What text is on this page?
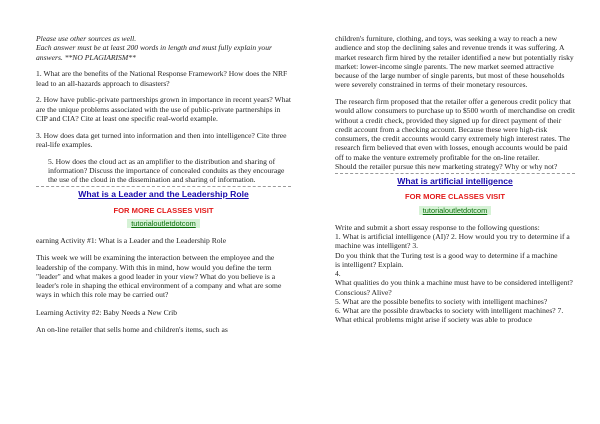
Please use other sources as well.

Each answer must be at least 200 words in length and must fully explain your answers. **NO PLAGIARISM**

1. What are the benefits of the National Response Framework? How does the NRF lead to an all-hazards approach to disasters?

2. How have public-private partnerships grown in importance in recent years? What are the unique problems associated with the use of public-private partnerships in CIP and CIA? Cite at least one specific real-world example.

3. How does data get turned into information and then into intelligence? Cite three real-life examples.

5. How does the cloud act as an amplifier to the distribution and sharing of information? Discuss the importance of concealed conduits as they encourage the use of the cloud in the dissemination and sharing of information.

What is a Leader and the Leadership Role

FOR MORE CLASSES VISIT

tutorialoutletdotcom

earning Activity #1: What is a Leader and the Leadership Role

This week we will be examining the interaction between the employee and the leadership of the company. With this in mind, how would you define the term "leader" and what makes a good leader in your view? What do you believe is a leader's role in shaping the ethical environment of a company and what are some ways in which this role may be carried out?

Learning Activity #2: Baby Needs a New Crib

An on-line retailer that sells home and children's items, such as

children's furniture, clothing, and toys, was seeking a way to reach a new audience and stop the declining sales and revenue trends it was suffering. A market research firm hired by the retailer identified a new but potentially risky market: lower-income single parents. The new market seemed attractive because of the large number of single parents, but most of these households were severely constrained in terms of their monetary resources.

The research firm proposed that the retailer offer a generous credit policy that would allow consumers to purchase up to $500 worth of merchandise on credit without a credit check, provided they signed up for direct payment of their credit account from a checking account. Because these were high-risk consumers, the credit accounts would carry extremely high interest rates. The research firm believed that even with losses, enough accounts would be paid off to make the venture extremely profitable for the on-line retailer.

Should the retailer pursue this new marketing strategy? Why or why not?

What is artificial intelligence

FOR MORE CLASSES VISIT

tutorialoutletdotcom

Write and submit a short essay response to the following questions:

1. What is artificial intelligence (AI)? 2. How would you try to determine if a machine was intelligent? 3.
Do you think that the Turing test is a good way to determine if a machine
is intelligent? Explain.
4.
What qualities do you think a machine must have to be considered intelligent? Conscious? Alive?
5. What are the possible benefits to society with intelligent machines?
6. What are the possible drawbacks to society with intelligent machines? 7.
What ethical problems might arise if society was able to produce
